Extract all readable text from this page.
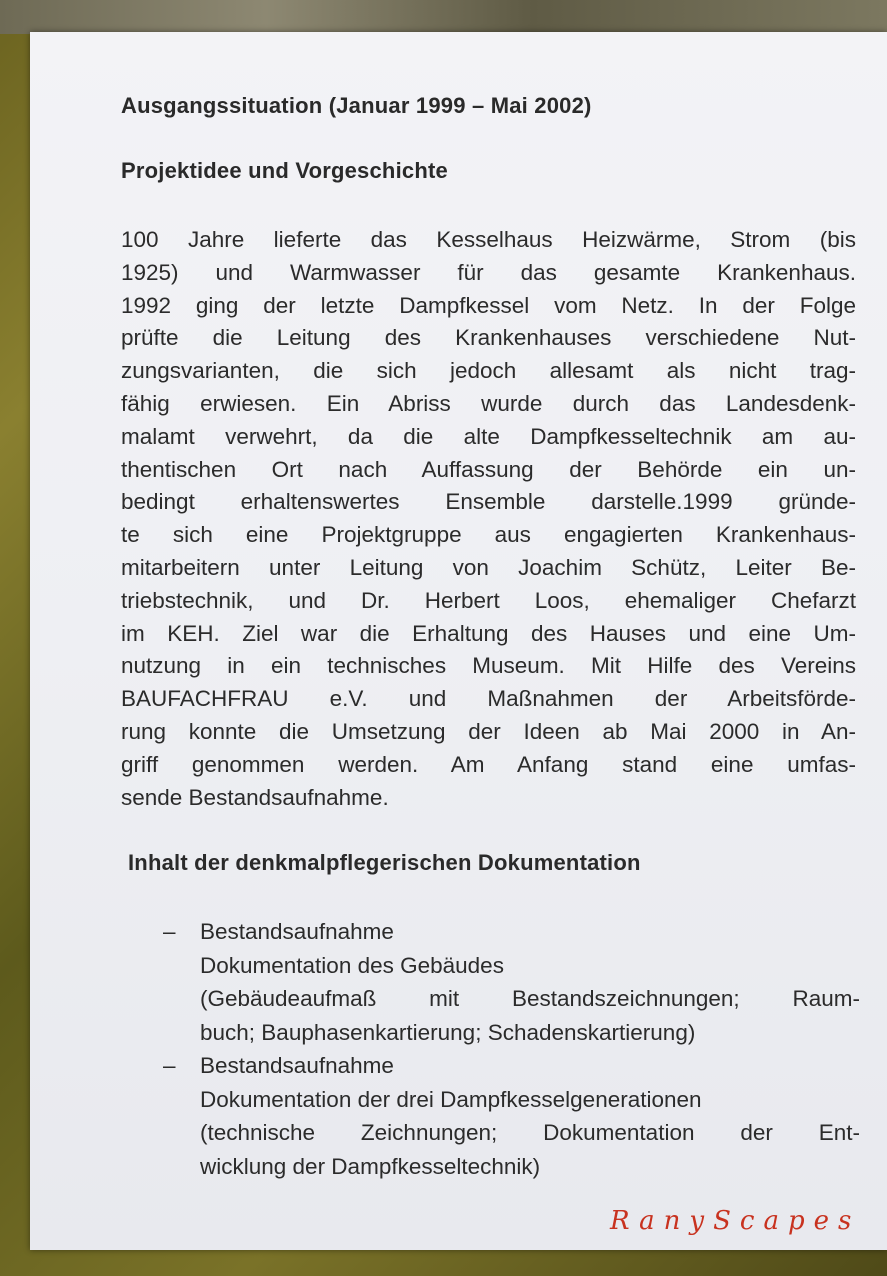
Ausgangssituation (Januar 1999 – Mai 2002)
Projektidee und Vorgeschichte
100 Jahre lieferte das Kesselhaus Heizwärme, Strom (bis
1925) und Warmwasser für das gesamte Krankenhaus.
1992 ging der letzte Dampfkessel vom Netz. In der Folge
prüfte die Leitung des Krankenhauses verschiedene Nut-
zungsvarianten, die sich jedoch allesamt als nicht trag-
fähig erwiesen. Ein Abriss wurde durch das Landesdenk-
malamt verwehrt, da die alte Dampfkesseltechnik am au-
thentischen Ort nach Auffassung der Behörde ein un-
bedingt erhaltenswertes Ensemble darstelle.1999 gründe-
te sich eine Projektgruppe aus engagierten Krankenhaus-
mitarbeitern unter Leitung von Joachim Schütz, Leiter Be-
triebstechnik, und Dr. Herbert Loos, ehemaliger Chefarzt
im KEH. Ziel war die Erhaltung des Hauses und eine Um-
nutzung in ein technisches Museum. Mit Hilfe des Vereins
BAUFACHFRAU e.V. und Maßnahmen der Arbeitsförde-
rung konnte die Umsetzung der Ideen ab Mai 2000 in An-
griff genommen werden. Am Anfang stand eine umfas-
sende Bestandsaufnahme.
Inhalt der denkmalpflegerischen Dokumentation
– Bestandsaufnahme
Dokumentation des Gebäudes
(Gebäudeaufmaß mit Bestandszeichnungen; Raum-
buch; Bauphasenkartierung; Schadenskartierung)
– Bestandsaufnahme
Dokumentation der drei Dampfkesselgenerationen
(technische Zeichnungen; Dokumentation der Ent-
wicklung der Dampfkesseltechnik)
RanyScapes
